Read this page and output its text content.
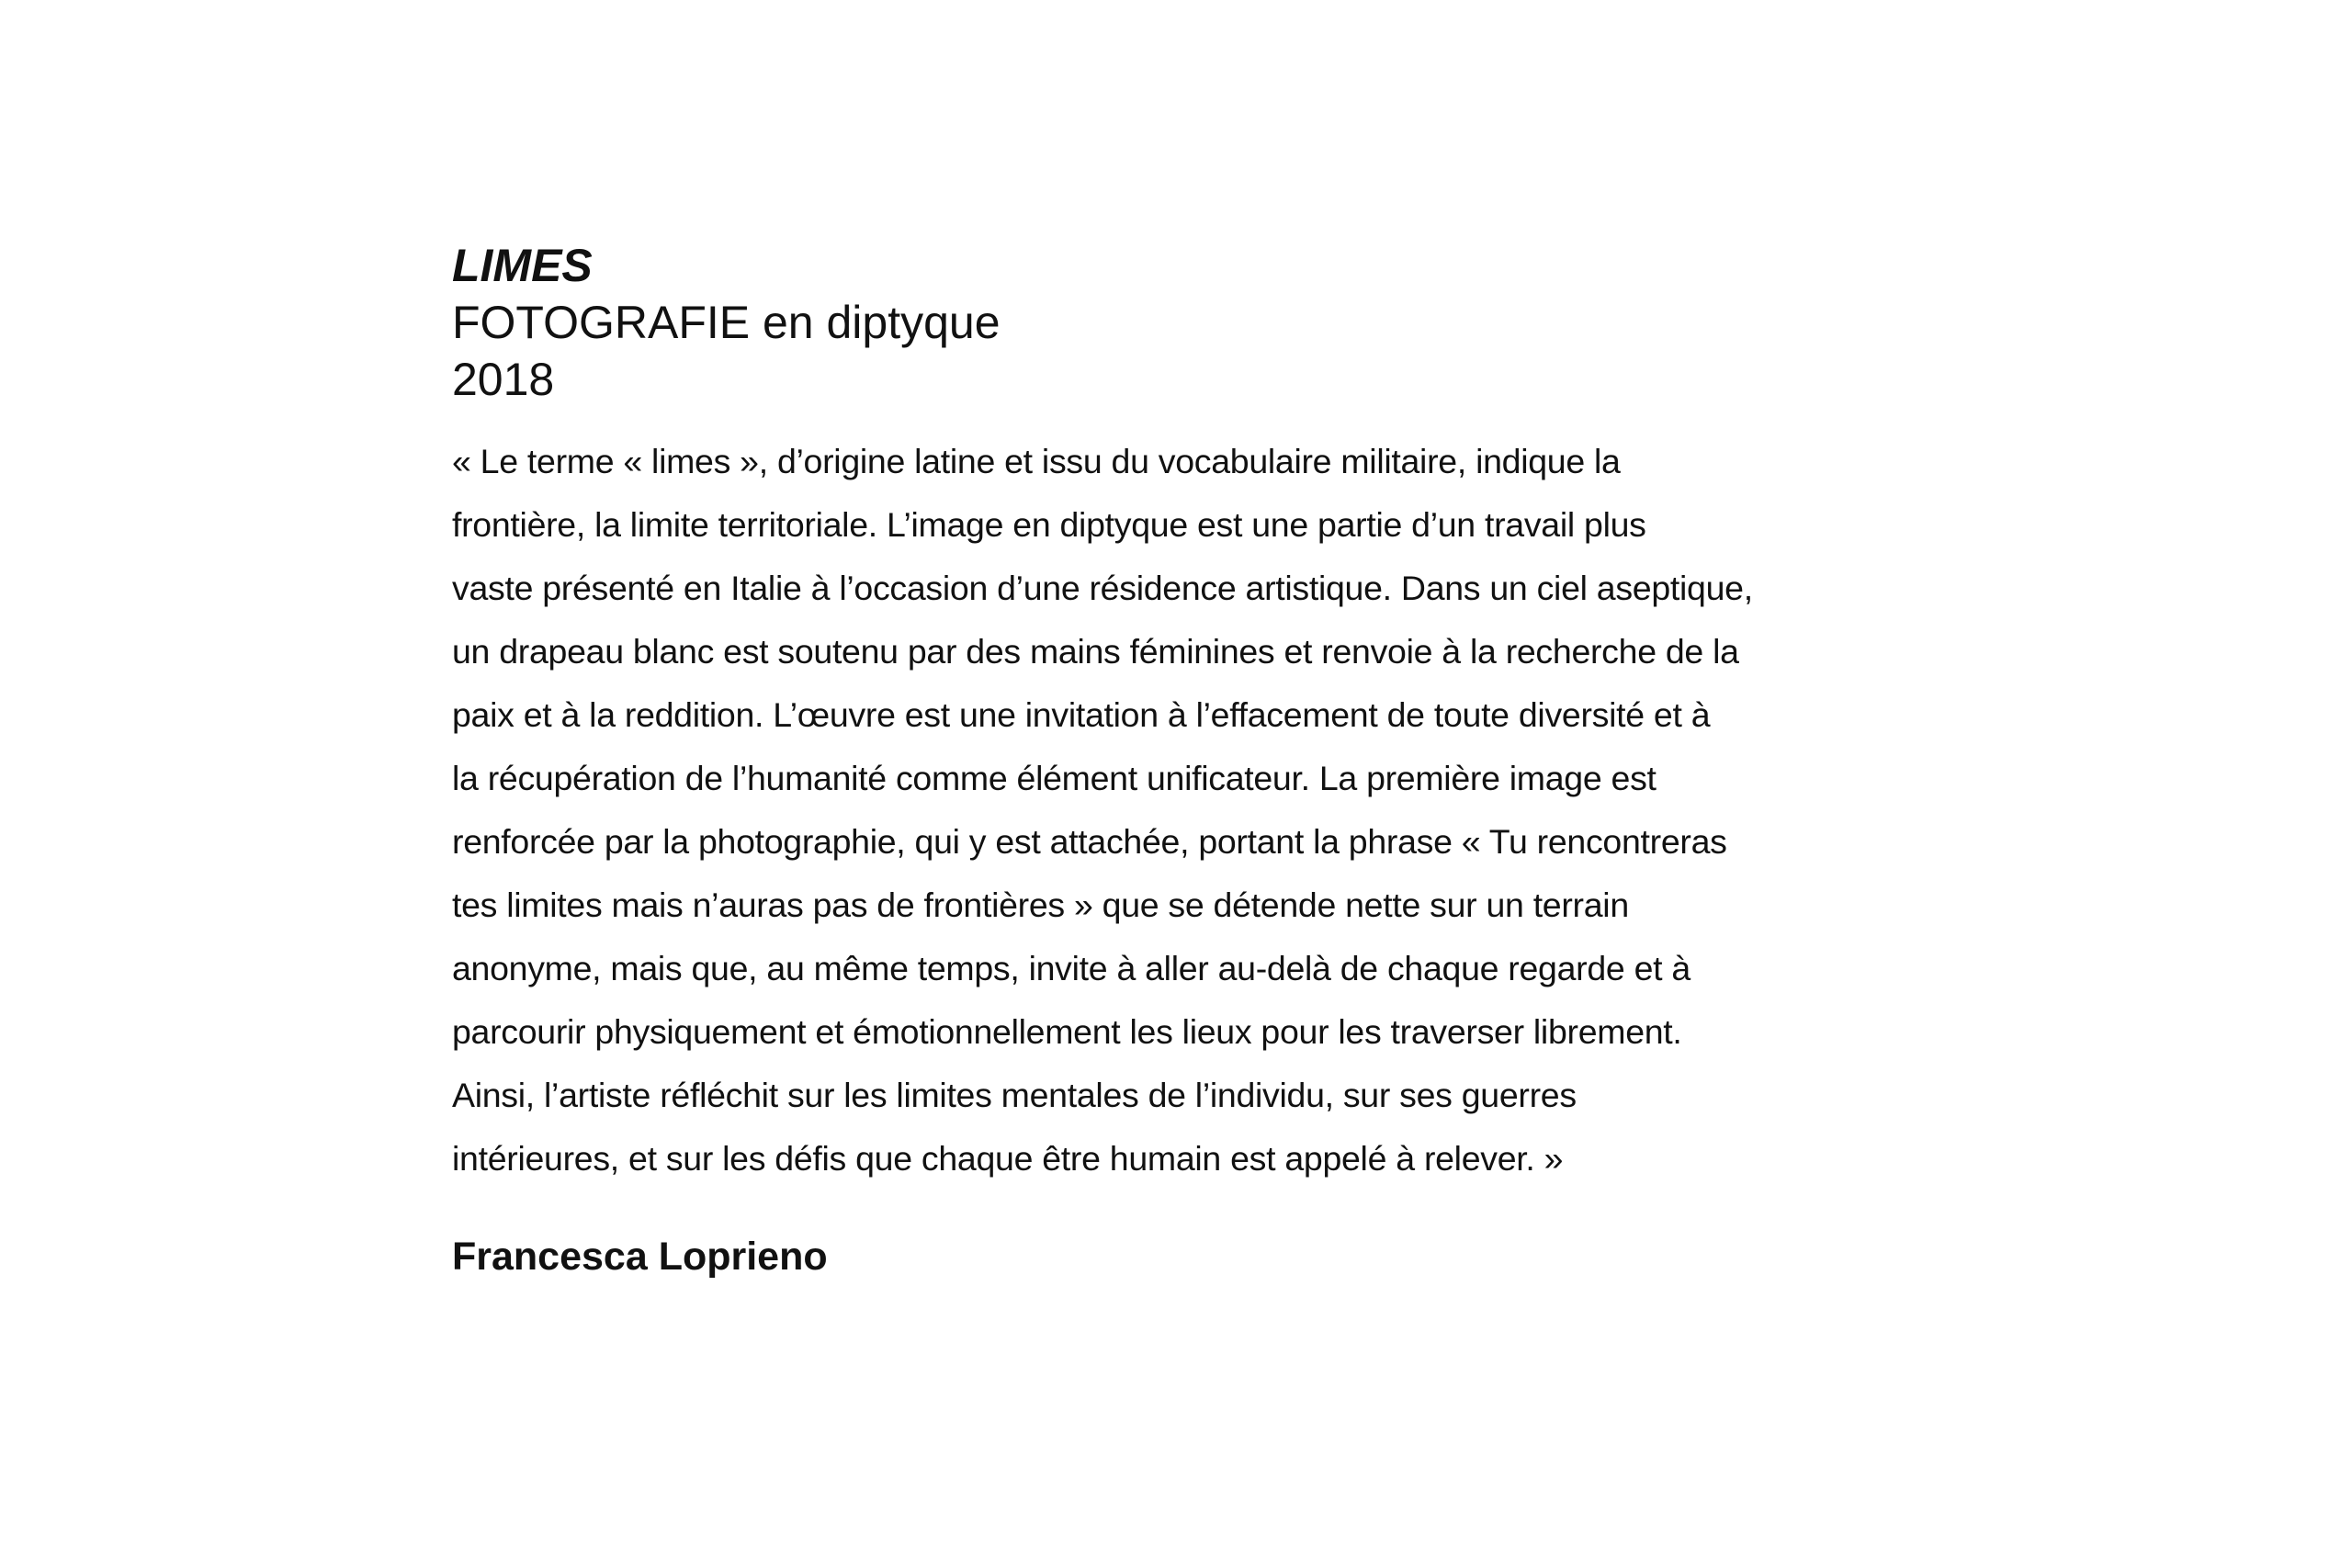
LIMES

FOTOGRAFIE en diptyque

2018

« Le terme « limes », d’origine latine et issu du vocabulaire militaire, indique la
frontière, la limite territoriale. L’image en diptyque est une partie d’un travail plus
vaste présenté en Italie à l’occasion d’une résidence artistique. Dans un ciel aseptique,
un drapeau blanc est soutenu par des mains féminines et renvoie à la recherche de la
paix et à la reddition. L’œuvre est une invitation à l’effacement de toute diversité et à
la récupération de l’humanité comme élément unificateur. La première image est
renforcée par la photographie, qui y est attachée, portant la phrase « Tu rencontreras
tes limites mais n’auras pas de frontières » que se détende nette sur un terrain
anonyme, mais que, au même temps, invite à aller au-delà de chaque regarde et à
parcourir physiquement et émotionnellement les lieux pour les traverser librement.
Ainsi, l’artiste réfléchit sur les limites mentales de l’individu, sur ses guerres
intérieures, et sur les défis que chaque être humain est appelé à relever. »

Francesca Loprieno
